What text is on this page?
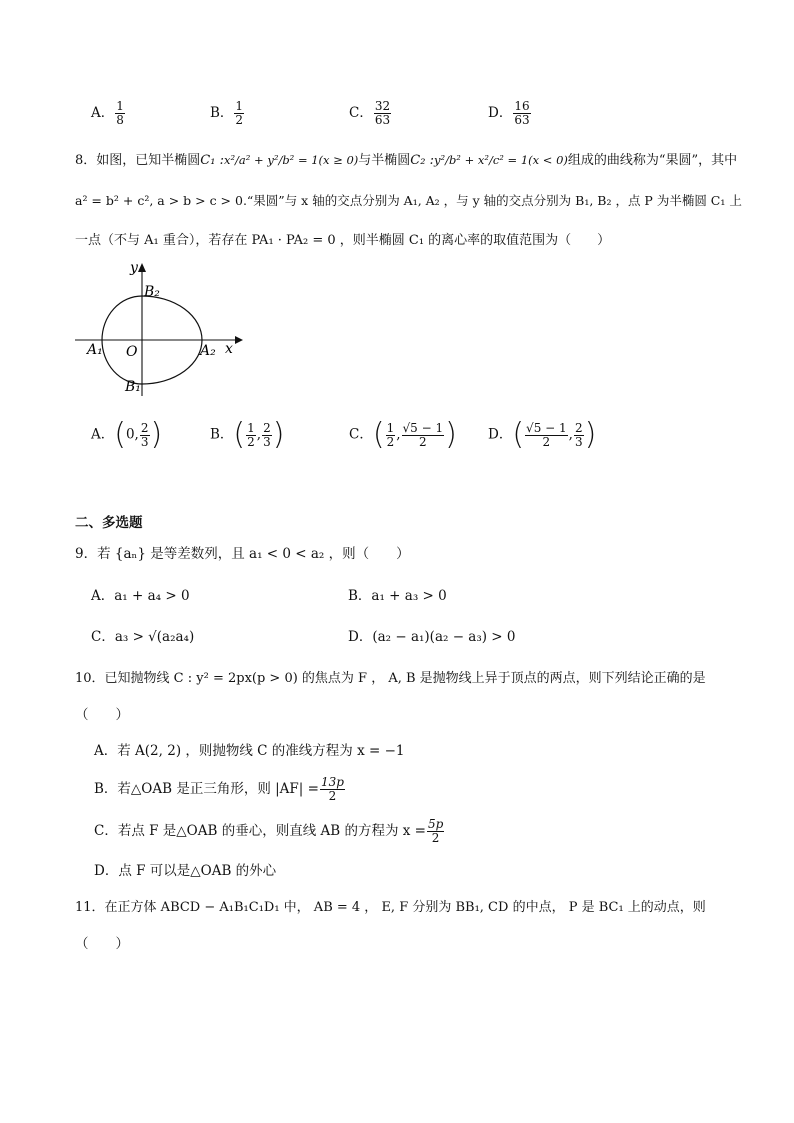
A． $\frac{1}{8}$	B． $\frac{1}{2}$	C． $\frac{32}{63}$	D． $\frac{16}{63}$
8．如图，已知半椭圆C₁ :x²/a² + y²/b² = 1(x ≥ 0)与半椭圆C₂ :y²/b² + x²/c² = 1(x < 0)组成的曲线称为“果圆”，其中
a² = b² + c², a > b > c > 0.“果圆”与 x 轴的交点分别为 A₁, A₂ ，与 y 轴的交点分别为 B₁, B₂ ，点 P 为半椭圆 C₁ 上
一点（不与 A₁ 重合），若存在 PA₁ · PA₂ = 0 ，则半椭圆 C₁ 的离心率的取值范围为（　　）
y
x
O
A₁	A₂
B₁
B₂
A．(0, $\frac{2}{3}$ )	B．( $\frac{1}{2}$ , $\frac{2}{3}$ )	C．( $\frac{1}{2}$ , $\frac{√5 - 1}{2}$ ) D．( $\frac{√5 - 1}{2}$ , $\frac{2}{3}$ )
二、多选题
9．若 {aₙ} 是等差数列，且 a₁ < 0 < a₂ ，则（　　）
A．a₁ + a₄ > 0	B．a₁ + a₃ > 0
C．a₃ > √(a₂a₄)	D．(a₂ − a₁)(a₂ − a₃) > 0
10．已知抛物线 C : y² = 2px(p > 0) 的焦点为 F ， A, B 是抛物线上异于顶点的两点，则下列结论正确的是
（　　）
A．若 A(2, 2) ，则抛物线 C 的准线方程为 x = −1
B．若△OAB 是正三角形，则 $|AF| = \frac{13p}{2}$
C．若点 F 是△OAB 的垂心，则直线 AB 的方程为 $x = \frac{5p}{2}$
D．点 F 可以是△OAB 的外心
11．在正方体 ABCD − A₁B₁C₁D₁ 中， AB = 4 ， E, F 分别为 BB₁, CD 的中点， P 是 BC₁ 上的动点，则
（　　）
